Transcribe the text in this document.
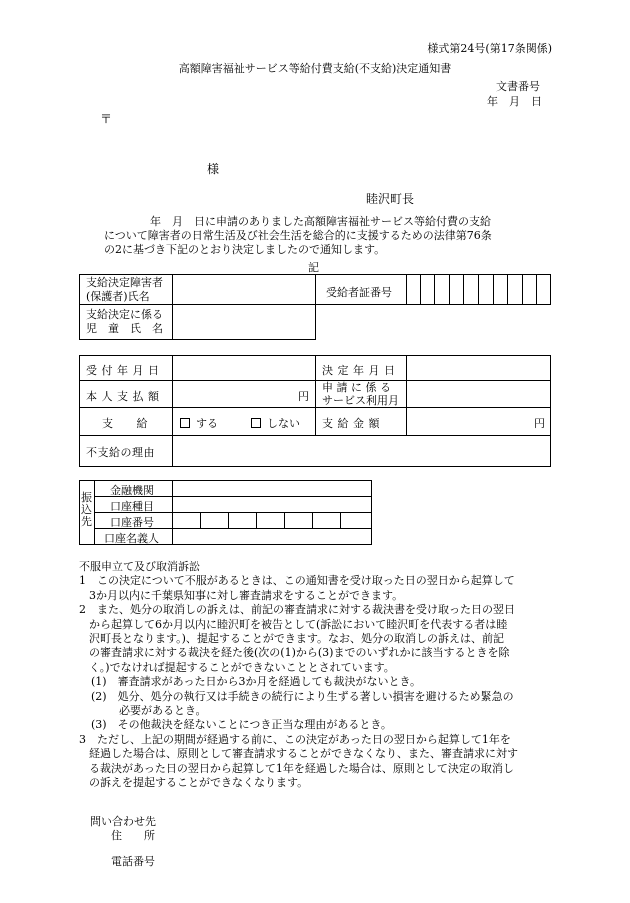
様式第24号(第17条関係)
高額障害福祉サービス等給付費支給(不支給)決定通知書
文書番号
年　月　日
〒
様
睦沢町長
年　月　日に申請のありました高額障害福祉サービス等給付費の支給
について障害者の日常生活及び社会生活を総合的に支援するための法律第76条
の2に基づき下記のとおり決定しましたので通知します。
記
支給決定障害者
(保護者)氏名	受給者証番号
支給決定に係る
児　童　氏　名
受 付 年 月 日	決 定 年 月 日
本 人 支 払 額	円
申 請 に 係 る
サービス利用月
支　　給	する	しない 支 給 金 額	円
不支給の理由
振
込
先
金融機関
口座種目
口座番号
口座名義人

不服申立て及び取消訴訟

1　この決定について不服があるときは、この通知書を受け取った日の翌日から起算して

3か月以内に千葉県知事に対し審査請求をすることができます。

2　また、処分の取消しの訴えは、前記の審査請求に対する裁決書を受け取った日の翌日

から起算して6か月以内に睦沢町を被告として(訴訟において睦沢町を代表する者は睦

沢町長となります。)、提起することができます。なお、処分の取消しの訴えは、前記

の審査請求に対する裁決を経た後(次の(1)から(3)までのいずれかに該当するときを除

く。)でなければ提起することができないこととされています。

(1)　審査請求があった日から3か月を経過しても裁決がないとき。

(2)　処分、処分の執行又は手続きの続行により生ずる著しい損害を避けるため緊急の

必要があるとき。

(3)　その他裁決を経ないことにつき正当な理由があるとき。

3　ただし、上記の期間が経過する前に、この決定があった日の翌日から起算して1年を

経過した場合は、原則として審査請求することができなくなり、また、審査請求に対す

る裁決があった日の翌日から起算して1年を経過した場合は、原則として決定の取消し

の訴えを提起することができなくなります。

問い合わせ先
住　　所
電話番号
